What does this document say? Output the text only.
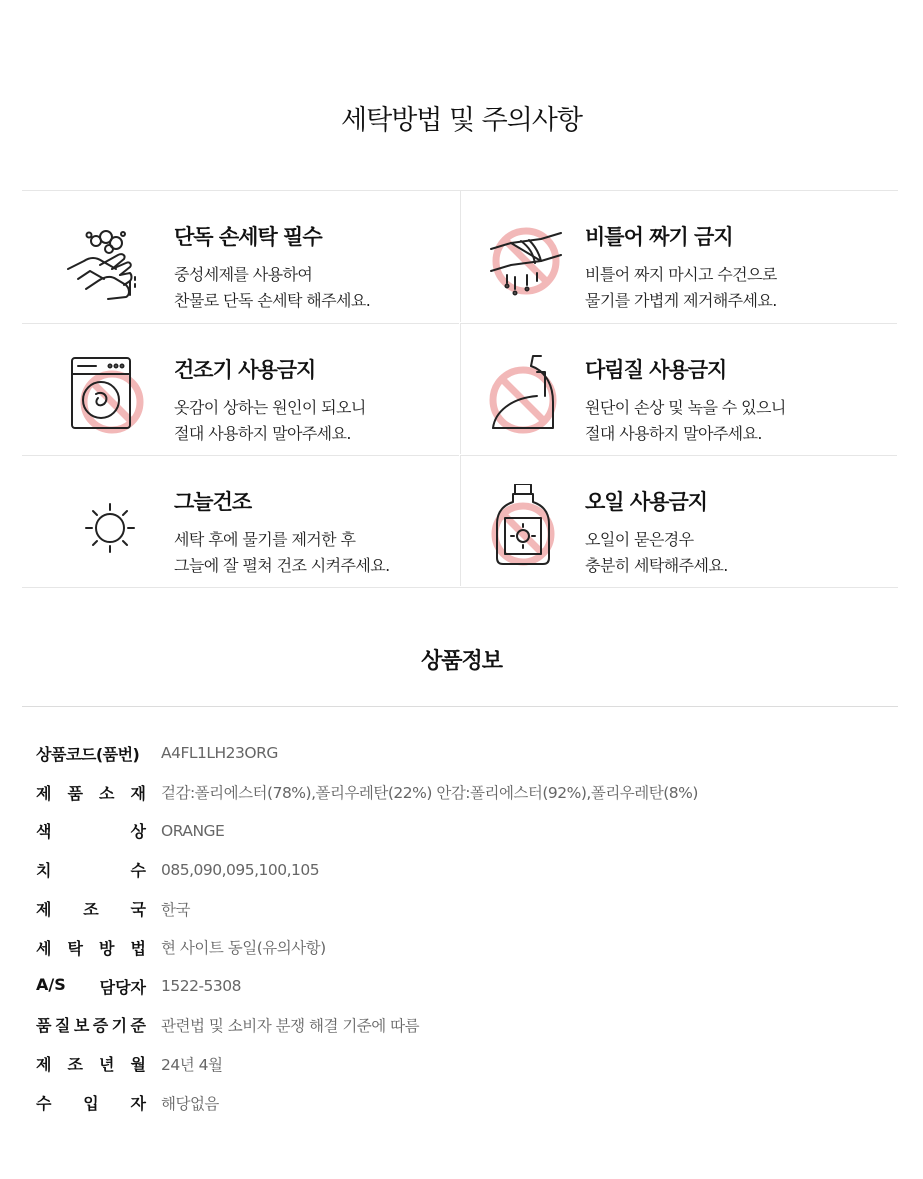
세탁방법 및 주의사항
단독 손세탁 필수
중성세제를 사용하여
찬물로 단독 손세탁 해주세요.
비틀어 짜기 금지
비틀어 짜지 마시고 수건으로
물기를 가볍게 제거해주세요.
건조기 사용금지
옷감이 상하는 원인이 되오니
절대 사용하지 말아주세요.
다림질 사용금지
원단이 손상 및 녹을 수 있으니
절대 사용하지 말아주세요.
그늘건조
세탁 후에 물기를 제거한 후
그늘에 잘 펼쳐 건조 시켜주세요.
오일 사용금지
오일이 묻은경우
충분히 세탁해주세요.
상품정보
상품코드(품번)	A4FL1LH23ORG
제 품 소 재 겉감:폴리에스터(78%),폴리우레탄(22%) 안감:폴리에스터(92%),폴리우레탄(8%)
색	상 ORANGE
치	수 085,090,095,100,105
제 조 국 한국
세 탁 방 법 현 사이트 동일(유의사항)
A/S 담당자 1522-5308
품 질 보 증 기 준 관련법 및 소비자 분쟁 해결 기준에 따름
제 조 년 월 24년 4월
수 입 자 해당없음
